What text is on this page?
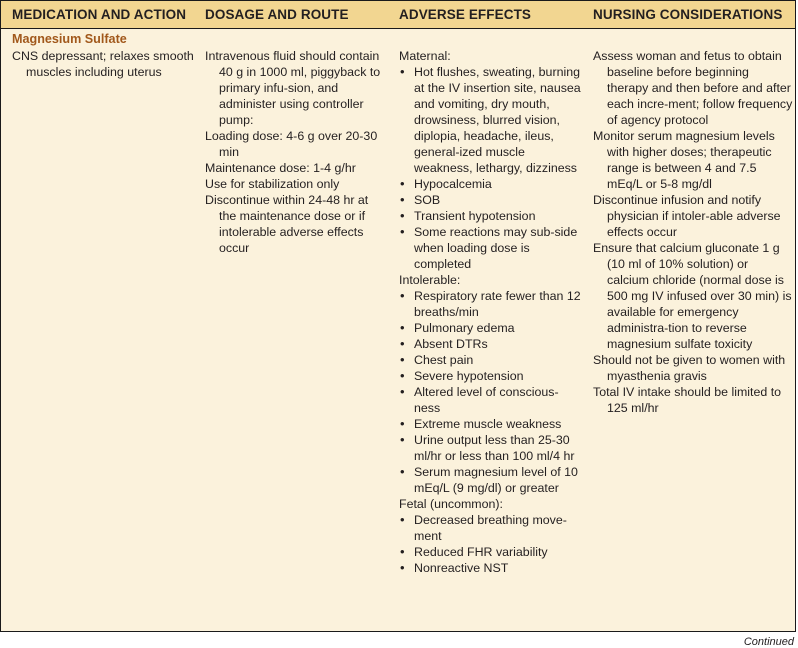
MEDICATION AND ACTION DOSAGE AND ROUTE	ADVERSE EFFECTS	NURSING CONSIDERATIONS
Magnesium Sulfate

CNS depressant; relaxes smooth muscles including uterus

Intravenous fluid should contain 40 g in 1000 ml, piggyback to primary infu-sion, and administer using controller pump:

Loading dose: 4-6 g over 20-30 min

Maintenance dose: 1-4 g/hr

Use for stabilization only

Discontinue within 24-48 hr at the maintenance dose or if intolerable adverse effects occur

Maternal:

• Hot flushes, sweating, burning at the IV insertion site, nausea and vomiting, dry mouth, drowsiness, blurred vision, diplopia, headache, ileus, general-ized muscle weakness, lethargy, dizziness
• Hypocalcemia
• SOB
• Transient hypotension
• Some reactions may sub-side when loading dose is completed

Intolerable:

• Respiratory rate fewer than 12 breaths/min
• Pulmonary edema
• Absent DTRs
• Chest pain
• Severe hypotension
• Altered level of conscious-ness
• Extreme muscle weakness
• Urine output less than 25-30 ml/hr or less than 100 ml/4 hr
• Serum magnesium level of 10 mEq/L (9 mg/dl) or greater

Fetal (uncommon):

• Decreased breathing move-ment
• Reduced FHR variability
• Nonreactive NST

Assess woman and fetus to obtain baseline before beginning therapy and then before and after each incre-ment; follow frequency of agency protocol

Monitor serum magnesium levels with higher doses; therapeutic range is between 4 and 7.5 mEq/L or 5-8 mg/dl

Discontinue infusion and notify physician if intoler-able adverse effects occur

Ensure that calcium gluconate 1 g (10 ml of 10% solution) or calcium chloride (normal dose is 500 mg IV infused over 30 min) is available for emergency administra-tion to reverse magnesium sulfate toxicity

Should not be given to women with myasthenia gravis

Total IV intake should be limited to 125 ml/hr

Continued
